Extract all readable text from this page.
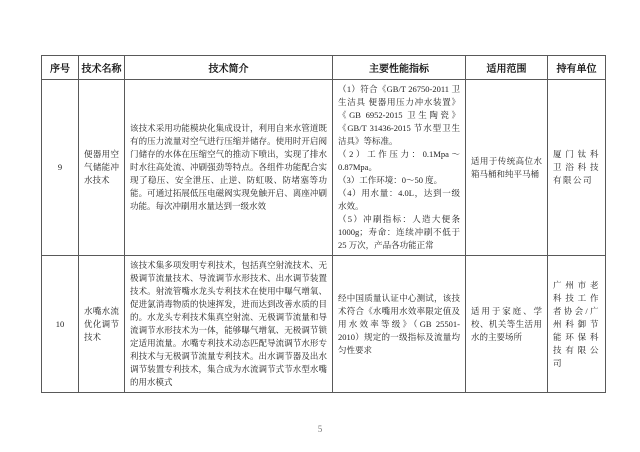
序号	技术名称	技术简介	主要性能指标	适用范围	持有单位
9	便器用空气储能冲水技术	该技术采用功能模块化集成设计，利用自来水管道既有的压力流量对空气进行压缩并储存。使用时开启阀门储存的水体在压缩空气的推动下喷出，实现了排水时水往高处流、冲刷强劲等特点。各组件功能配合实现了稳压、安全泄压、止逆、防虹吸、防堵塞等功能。可通过拓展低压电磁阀实现免触开启、离座冲刷功能。每次冲刷用水量达到一级水效	（1）符合《GB/T 26750-2011 卫生洁具 便器用压力冲水装置》《GB 6952-2015 卫生陶瓷》《GB/T 31436-2015 节水型卫生洁具》等标准。

（2）工作压力：0.1Mpa～0.87Mpa。

（3）工作环境：0～50 度。

（4）用水量：4.0L，达到一级水效。

（5）冲刷指标：人造大便条 1000g；寿命：连续冲刷不低于 25 万次，产品各功能正常	适用于传统高位水箱马桶和纯平马桶	厦门钛科卫浴科技有限公司
10	水嘴水流优化调节技术	该技术集多项发明专利技术，包括真空射流技术、无极调节流量技术、导流调节水形技术、出水调节装置技术。射流管嘴水龙头专利技术在使用中曝气增氧、促进氯消毒物质的快速挥发，进而达到改善水质的目的。水龙头专利技术集真空射流、无极调节流量和导流调节水形技术为一体，能够曝气增氧、无极调节锁定适用流量。水嘴专利技术动态匹配导流调节水形专利技术与无极调节流量专利技术。出水调节器及出水调节装置专利技术，集合成为水流调节式节水型水嘴的用水模式	经中国质量认证中心测试，该技术符合《水嘴用水效率限定值及用水效率等级》（GB 25501-2010）规定的一级指标及流量均匀性要求	适用于家庭、学校、机关等生活用水的主要场所	广州市老科技工作者协会/广州科御节能环保科技有限公司
5
